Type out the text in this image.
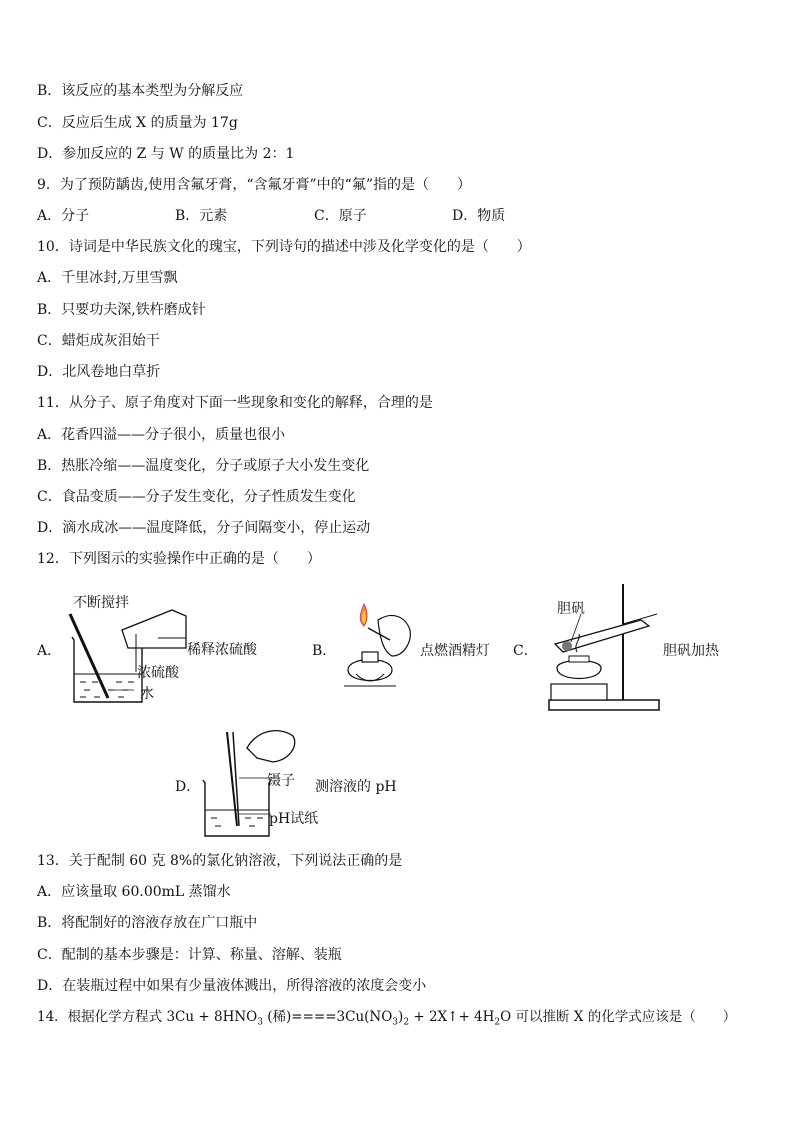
B．该反应的基本类型为分解反应
C．反应后生成 X 的质量为 17g
D．参加反应的 Z 与 W 的质量比为 2：1
9．为了预防龋齿,使用含氟牙膏，“含氟牙膏”中的“氟”指的是（　　）
A．分子	B．元素	C．原子	D．物质
10．诗词是中华民族文化的瑰宝，下列诗句的描述中涉及化学变化的是（　　）
A．千里冰封,万里雪飘
B．只要功夫深,铁杵磨成针
C．蜡炬成灰泪始干
D．北风卷地白草折
11．从分子、原子角度对下面一些现象和变化的解释，合理的是
A．花香四溢——分子很小，质量也很小
B．热胀冷缩——温度变化，分子或原子大小发生变化
C．食品变质——分子发生变化，分子性质发生变化
D．滴水成冰——温度降低，分子间隔变小，停止运动
12．下列图示的实验操作中正确的是（　　）
A．
不断搅拌
稀释浓硫酸
浓硫酸
水
B．	点燃酒精灯 C．
胆矾
胆矾加热
D．	镊子 测溶液的 pH
pH试纸
13．关于配制 60 克 8%的氯化钠溶液，下列说法正确的是
A．应该量取 60.00mL 蒸馏水
B．将配制好的溶液存放在广口瓶中
C．配制的基本步骤是：计算、称量、溶解、装瓶
D．在装瓶过程中如果有少量液体溅出，所得溶液的浓度会变小
14．根据化学方程式 $3Cu + 8HNO_3$ (稀)$====3Cu(NO_3)_2$ + 2X↑+ $4H_2O$ 可以推断 X 的化学式应该是（　　）
